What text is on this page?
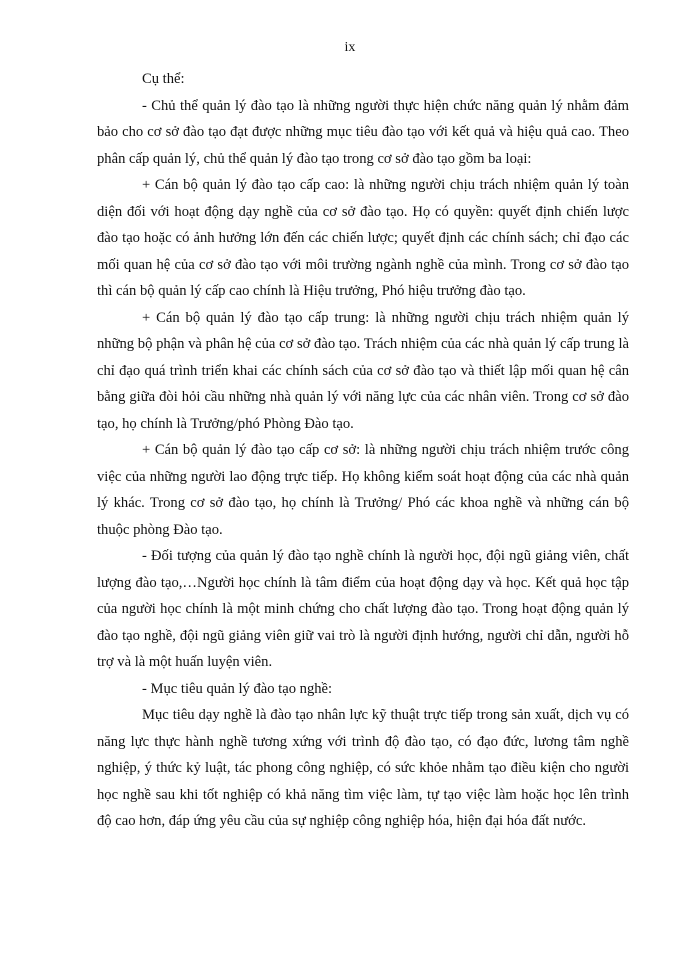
ix

Cụ thể:

- Chủ thể quản lý đào tạo là những người thực hiện chức năng quản lý nhằm đảm bảo cho cơ sở đào tạo đạt được những mục tiêu đào tạo với kết quả và hiệu quả cao. Theo phân cấp quản lý, chủ thể quản lý đào tạo trong cơ sở đào tạo gồm ba loại:

+ Cán bộ quản lý đào tạo cấp cao: là những người chịu trách nhiệm quản lý toàn diện đối với hoạt động dạy nghề của cơ sở đào tạo. Họ có quyền: quyết định chiến lược đào tạo hoặc có ảnh hưởng lớn đến các chiến lược; quyết định các chính sách; chỉ đạo các mối quan hệ của cơ sở đào tạo với môi trường ngành nghề của mình. Trong cơ sở đào tạo thì cán bộ quản lý cấp cao chính là Hiệu trưởng, Phó hiệu trưởng đào tạo.

+ Cán bộ quản lý đào tạo cấp trung: là những người chịu trách nhiệm quản lý những bộ phận và phân hệ của cơ sở đào tạo. Trách nhiệm của các nhà quản lý cấp trung là chỉ đạo quá trình triển khai các chính sách của cơ sở đào tạo và thiết lập mối quan hệ cân bằng giữa đòi hỏi cầu những nhà quản lý với năng lực của các nhân viên. Trong cơ sở đào tạo, họ chính là Trưởng/phó Phòng Đào tạo.

+ Cán bộ quản lý đào tạo cấp cơ sở: là những người chịu trách nhiệm trước công việc của những người lao động trực tiếp. Họ không kiểm soát hoạt động của các nhà quản lý khác. Trong cơ sở đào tạo, họ chính là Trưởng/ Phó các khoa nghề và những cán bộ thuộc phòng Đào tạo.

- Đối tượng của quản lý đào tạo nghề chính là người học, đội ngũ giảng viên, chất lượng đào tạo,…Người học chính là tâm điểm của hoạt động dạy và học. Kết quả học tập của người học chính là một minh chứng cho chất lượng đào tạo. Trong hoạt động quản lý đào tạo nghề, đội ngũ giảng viên giữ vai trò là người định hướng, người chỉ dẫn, người hỗ trợ và là một huấn luyện viên.

- Mục tiêu quản lý đào tạo nghề:

Mục tiêu dạy nghề là đào tạo nhân lực kỹ thuật trực tiếp trong sản xuất, dịch vụ có năng lực thực hành nghề tương xứng với trình độ đào tạo, có đạo đức, lương tâm nghề nghiệp, ý thức kỷ luật, tác phong công nghiệp, có sức khỏe nhằm tạo điều kiện cho người học nghề sau khi tốt nghiệp có khả năng tìm việc làm, tự tạo việc làm hoặc học lên trình độ cao hơn, đáp ứng yêu cầu của sự nghiệp công nghiệp hóa, hiện đại hóa đất nước.
